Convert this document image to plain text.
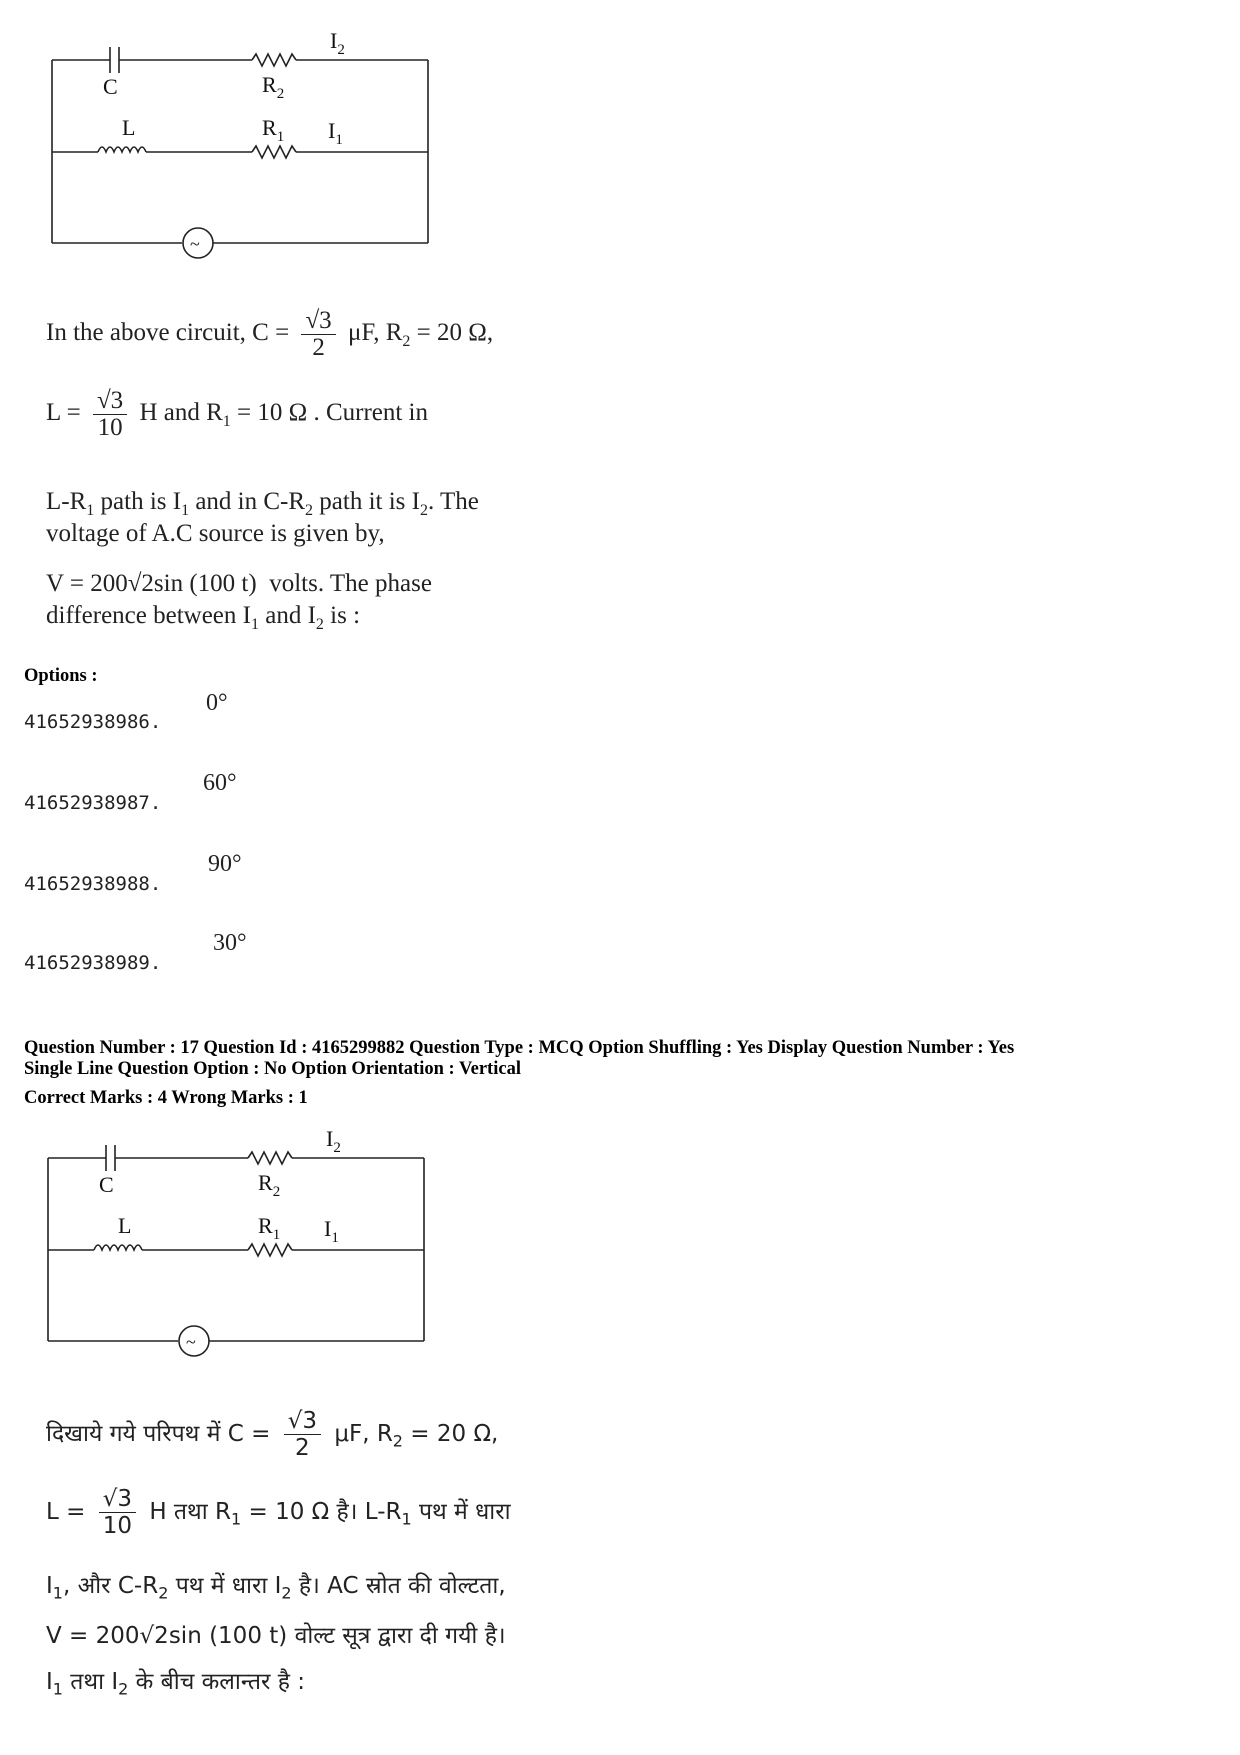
~
C	$R_2$
$I_2$
L	$R_1$ $I_1$
In the above circuit, $C = \frac{√3}{2} \mu F$, $R_2 = 20$ Ω,
$L = \frac{√3}{10}$ H and $R_1 = 10$ Ω . Current in
$L-R_1$ path is $I_1$ and in $C-R_2$ path it is $I_2$. The
voltage of A.C source is given by,
V = 200√2sin (100 t) volts. The phase
difference between $I_1$ and $I_2$ is :
Options :
41652938986.
0°
41652938987.
60°
41652938988.
90°
41652938989.
30°
Question Number : 17 Question Id : 4165299882 Question Type : MCQ Option Shuffling : Yes Display Question Number : Yes
Single Line Question Option : No Option Orientation : Vertical
Correct Marks : 4 Wrong Marks : 1
~
C	$R_2$
$I_2$
L	$R_1$ $I_1$
दिखाये गये परिपथ में $C = \frac{√3}{2} \mu F$, $R_2 = 20$ Ω,
$L = \frac{√3}{10}$ H तथा $R_1 = 10$ Ω है। $L-R_1$ पथ में धारा
$I_1$, और $C-R_2$ पथ में धारा $I_2$ है। AC स्रोत की वोल्टता,
V = 200√2sin (100 t) वोल्ट सूत्र द्वारा दी गयी है।
$I_1$ तथा $I_2$ के बीच कलान्तर है :
